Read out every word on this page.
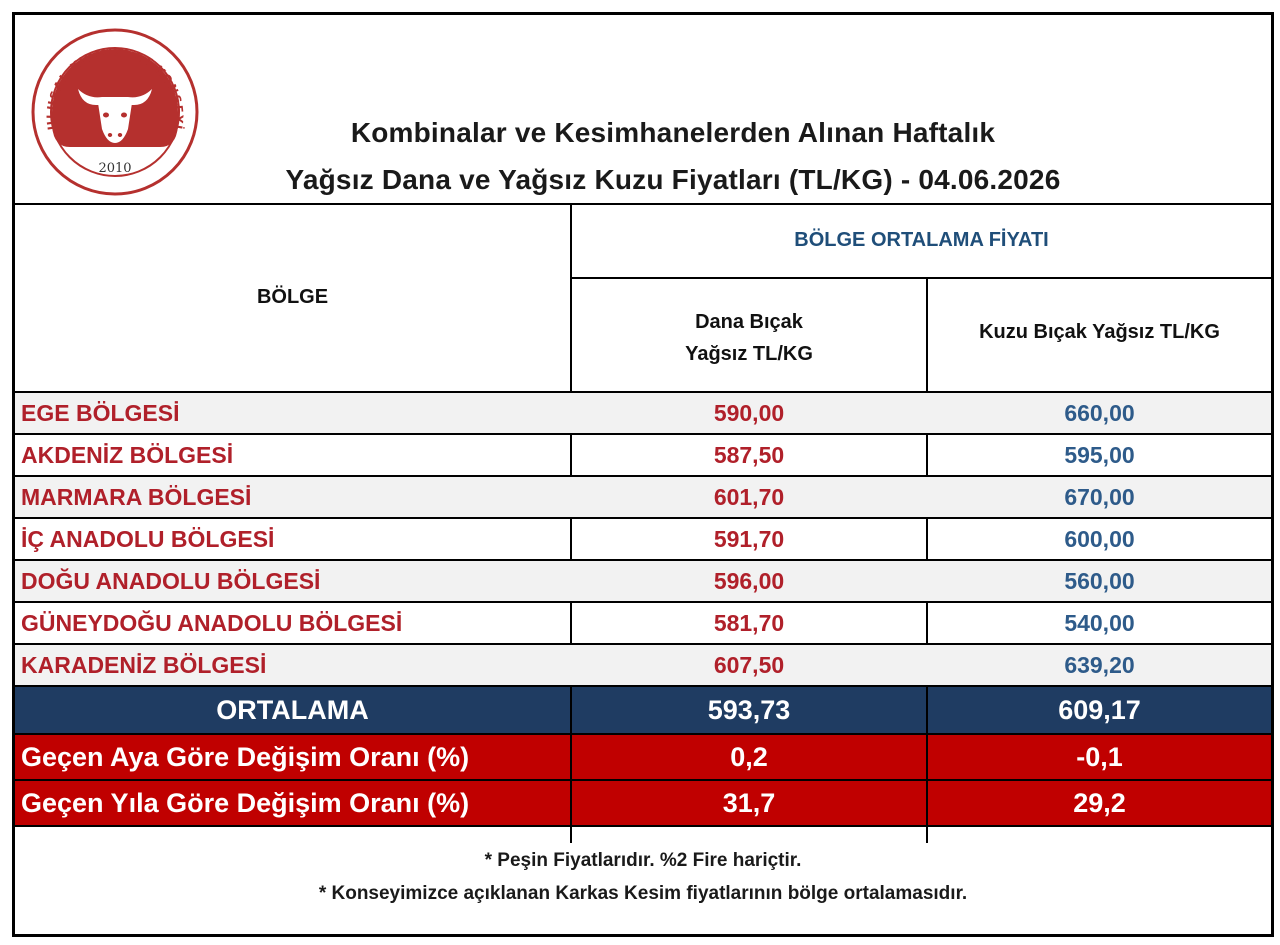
ULUSAL KIRMIZI ET KONSEYİ
2010
Kombinalar ve Kesimhanelerden Alınan Haftalık
Yağsız Dana ve Yağsız Kuzu Fiyatları (TL/KG) - 04.06.2026
BÖLGE
BÖLGE ORTALAMA FİYATI
Dana Bıçak
Yağsız TL/KG
Kuzu Bıçak Yağsız TL/KG
EGE BÖLGESİ	590,00	660,00
AKDENİZ BÖLGESİ	587,50	595,00
MARMARA BÖLGESİ	601,70	670,00
İÇ ANADOLU BÖLGESİ	591,70	600,00
DOĞU ANADOLU BÖLGESİ	596,00	560,00
GÜNEYDOĞU ANADOLU BÖLGESİ	581,70	540,00
KARADENİZ BÖLGESİ	607,50	639,20
ORTALAMA	593,73	609,17
Geçen Aya Göre Değişim Oranı (%)	0,2	-0,1
Geçen Yıla Göre Değişim Oranı (%)	31,7	29,2
* Peşin Fiyatlarıdır. %2 Fire hariçtir.
* Konseyimizce açıklanan Karkas Kesim fiyatlarının bölge ortalamasıdır.
